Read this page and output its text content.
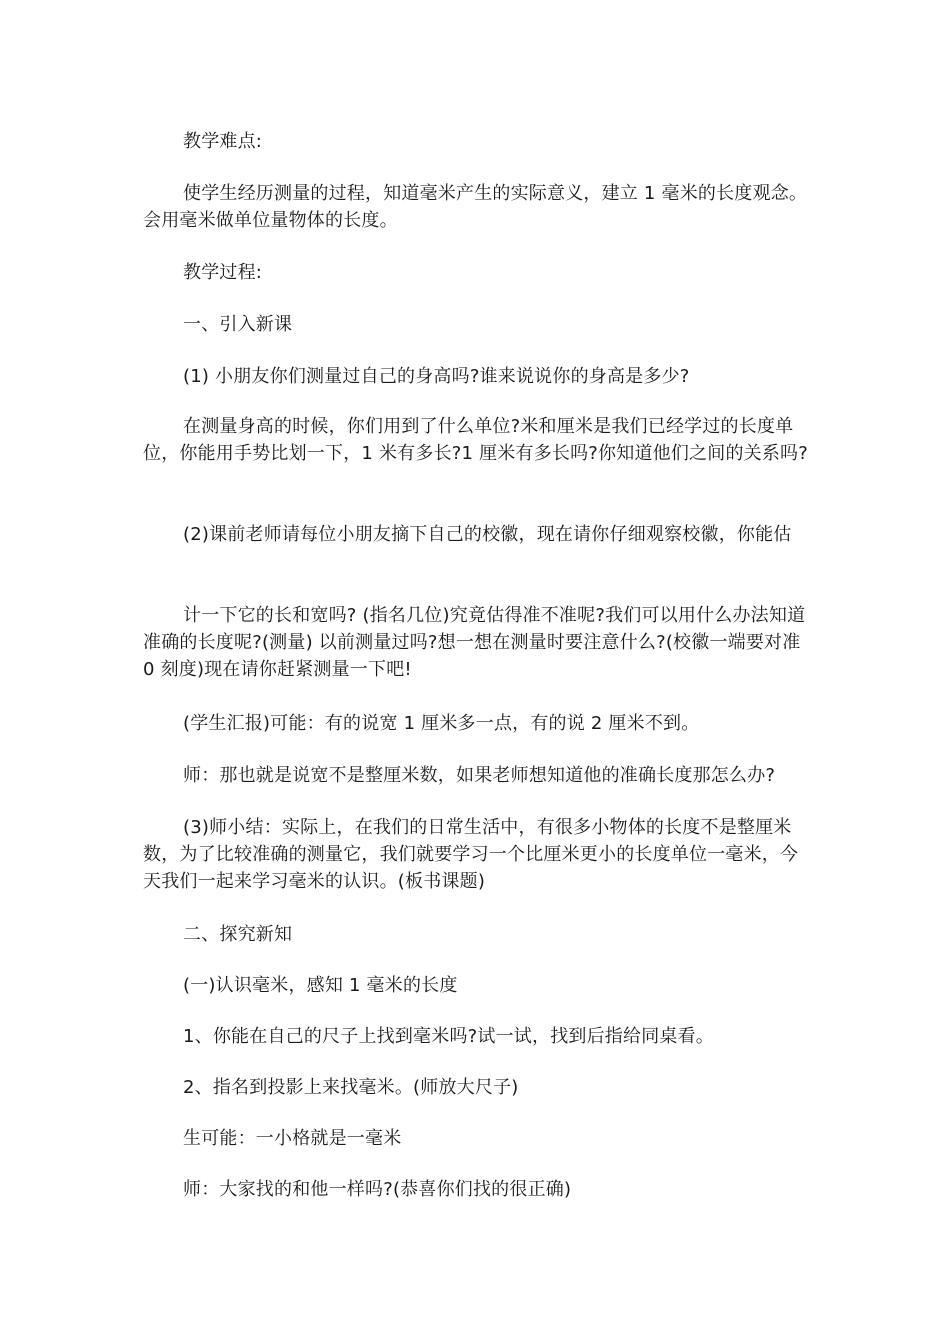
教学难点:

使学生经历测量的过程，知道毫米产生的实际意义，建立 1 毫米的长度观念。会用毫米做单位量物体的长度。

教学过程:

一、引入新课

(1) 小朋友你们测量过自己的身高吗?谁来说说你的身高是多少?

在测量身高的时候，你们用到了什么单位?米和厘米是我们已经学过的长度单位，你能用手势比划一下，1 米有多长?1 厘米有多长吗?你知道他们之间的关系吗?

(2)课前老师请每位小朋友摘下自己的校徽，现在请你仔细观察校徽，你能估

计一下它的长和宽吗? (指名几位)究竟估得准不准呢?我们可以用什么办法知道准确的长度呢?(测量) 以前测量过吗?想一想在测量时要注意什么?(校徽一端要对准 0 刻度)现在请你赶紧测量一下吧!

(学生汇报)可能：有的说宽 1 厘米多一点，有的说 2 厘米不到。

师：那也就是说宽不是整厘米数，如果老师想知道他的准确长度那怎么办?

(3)师小结：实际上，在我们的日常生活中，有很多小物体的长度不是整厘米数，为了比较准确的测量它，我们就要学习一个比厘米更小的长度单位一毫米，今天我们一起来学习毫米的认识。(板书课题)

二、探究新知

(一)认识毫米，感知 1 毫米的长度

1、你能在自己的尺子上找到毫米吗?试一试，找到后指给同桌看。

2、指名到投影上来找毫米。(师放大尺子)

生可能：一小格就是一毫米

师：大家找的和他一样吗?(恭喜你们找的很正确)
